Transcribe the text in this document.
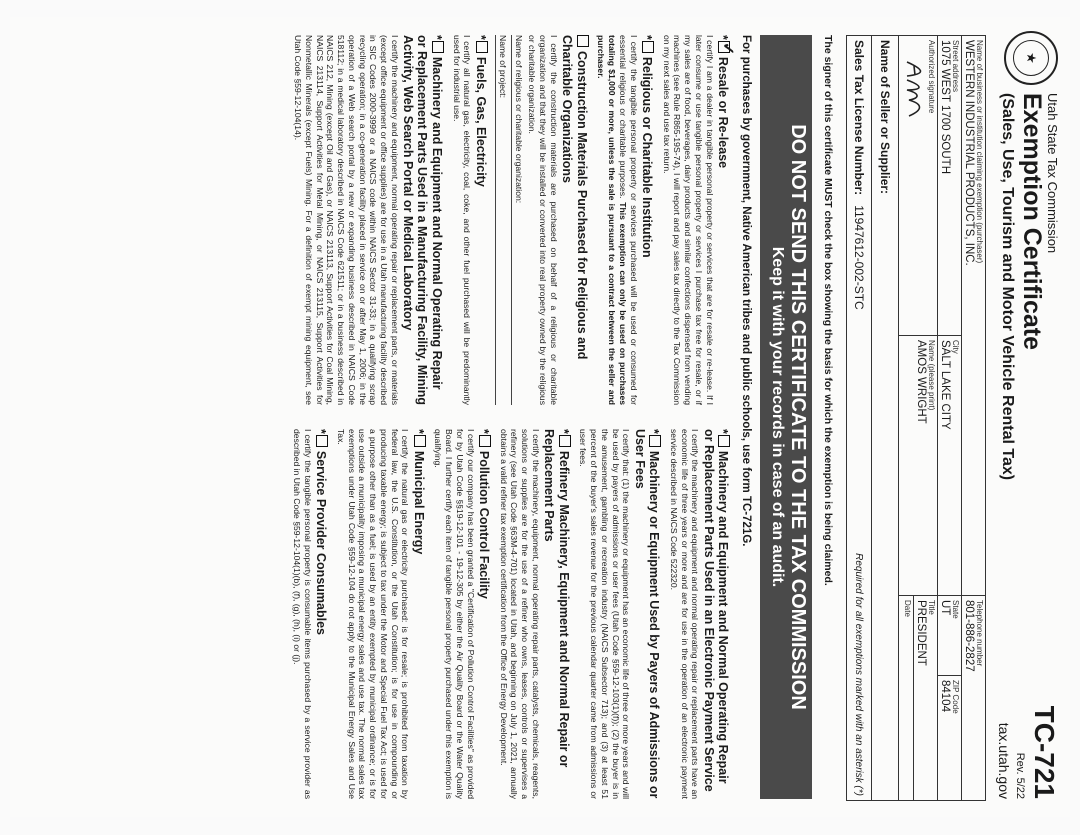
★
Utah State Tax Commission
Exemption Certificate
(Sales, Use, Tourism and Motor Vehicle Rental Tax)
TC-721
Rev. 5/22
tax.utah.gov
Name of business or institution claiming exemption (purchaser)
WESTERN INDUSTRIAL PRODUCTS, INC.
Telephone number
801-886-2827
Street address
1075 WEST 1700 SOUTH
City
SALT LAKE CITY
State
UT
ZIP Code
84104
Authorized signature
Name (please print)
AMOS WRIGHT
Title
PRESIDENT
Date
Name of Seller or Supplier:
Sales Tax License Number:
11947612-002-STC
Required for all exemptions marked with an asterisk (*)
The signer of this certificate MUST check the box showing the basis for which the exemption is being claimed.
DO NOT SEND THIS CERTIFICATE TO THE TAX COMMISSION
Keep it with your records in case of an audit.
For purchases by government, Native American tribes and public schools, use form TC-721G.
*
✓
Resale or Re-lease
I certify I am a dealer in tangible personal property or services that are for resale or re-lease. If I later consume or use tangible personal property or services I purchase tax free for resale, or if my sales are of food, beverages, dairy products and similar confections dispensed from vending machines (see Rule R865-19S-74), I will report and pay sales tax directly to the Tax Commission on my next sales and use tax return.
*Religious or Charitable Institution
I certify the tangible personal property or services purchased will be used or consumed for essential religious or charitable purposes. This exemption can only be used on purchases totaling $1,000 or more, unless the sale is pursuant to a contract between the seller and purchaser.
Construction Materials Purchased for Religious and Charitable Organizations
I certify the construction materials are purchased on behalf of a religious or charitable organization and that they will be installed or converted into real property owned by the religious or charitable organization.
Name of religious or charitable organization:
Name of project:
*Fuels, Gas, Electricity
I certify all natural gas, electricity, coal, coke, and other fuel purchased will be predominantly used for industrial use.
*Machinery and Equipment and Normal Operating Repair or Replacement Parts Used in a Manufacturing Facility, Mining Activity, Web Search Portal or Medical Laboratory
I certify the machinery and equipment, normal operating repair or replacement parts, or materials (except office equipment or office supplies) are for use in a Utah manufacturing facility described in SIC Codes 2000-3999 or a NAICS code within NAICS Sector 31-33; in a qualifying scrap recycling operation; in a co-generation facility placed in service on or after May 1, 2006; in the operation of a Web search portal by a new or expanding business described in NAICS Code 518112; in a medical laboratory described in NAICS Code 621511; or in a business described in NAICS 212, Mining (except Oil and Gas), or NAICS 213113, Support Activities for Coal Mining, NAICS 213114, Support Activities for Metal Mining, or NAICS 213115, Support Activities for Nonmetallic Minerals (except Fuels) Mining. For a definition of exempt mining equipment, see Utah Code §59-12-104(14).
*Machinery and Equipment and Normal Operating Repair or Replacement Parts Used in an Electronic Payment Service
I certify the machinery and equipment and normal operating repair or replacement parts have an economic life of three years or more and are for use in the operation of an electronic payment service described in NAICS Code 522320.
*Machinery or Equipment Used by Payers of Admissions or User Fees
I certify that: (1) the machinery or equipment has an economic life of three or more years and will be used by payers of admissions or user fees (Utah Code §59-12-103(1)(f)); (2) the buyer is in the amusement, gambling or recreation industry (NAICS Subsector 713); and (3) at least 51 percent of the buyer's sales revenue for the previous calendar quarter came from admissions or user fees.
*Refinery Machinery, Equipment and Normal Repair or Replacement Parts
I certify the machinery, equipment, normal operating repair parts, catalysts, chemicals, reagents, solutions or supplies are for the use of a refiner who owns, leases, controls or supervises a refinery (see Utah Code §63M-4-701) located in Utah, and beginning on July 1, 2021, annually obtains a valid refiner tax exemption certification from the Office of Energy Development.
*Pollution Control Facility
I certify our company has been granted a "Certification of Pollution Control Facilities" as provided for by Utah Code §§19-12-101 - 19-12-305 by either the Air Quality Board or the Water Quality Board. I further certify each item of tangible personal property purchased under this exemption is qualifying.
*Municipal Energy
I certify the natural gas or electricity purchased: is for resale; is prohibited from taxation by federal law, the U.S. Constitution, or the Utah Constitution; is for use in compounding or producing taxable energy; is subject to tax under the Motor and Special Fuel Tax Act; is used for a purpose other than as a fuel; is used by an entity exempted by municipal ordinance; or is for use outside a municipality imposing a municipal energy sales and use tax. The normal sales tax exemptions under Utah Code §59-12-104 do not apply to the Municipal Energy Sales and Use Tax.
*Service Provider Consumables
I certify the tangible personal property is consumable items purchased by a service provider as described in Utah Code §59-12-104(1)(b), (f), (g), (h), (i) or (j).
